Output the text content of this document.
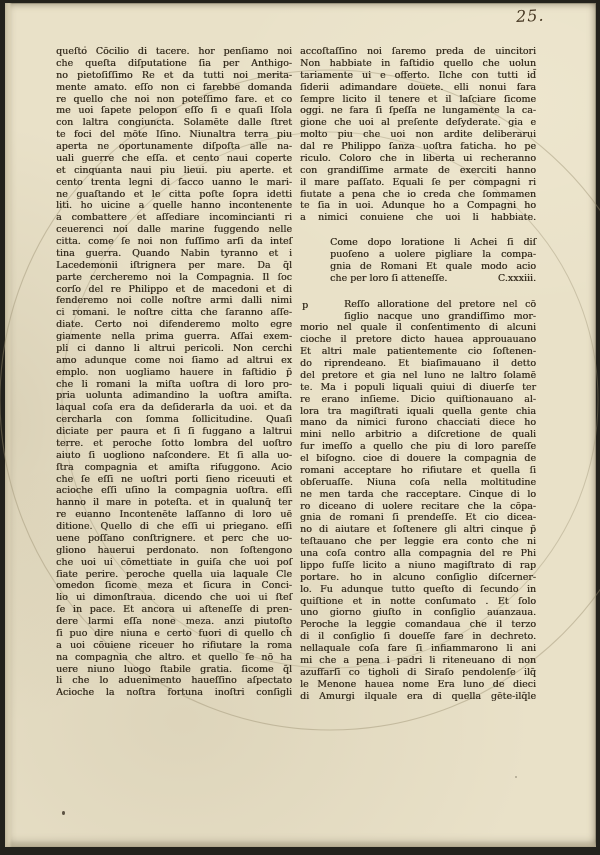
25.
queſto Cōcilio di tacere. hor penſiamo noi
che queſta diſputatione ſia per Anthigo-
no pietoſiſſimo Re et da tutti noi merita-
mente amato. eſſo non ci farebbe domanda
re quello che noi non poteſſimo fare. et co
me uoi ſapete pelopon eſſo ſi e quaſi Iſola
con laltra congiuncta. Solamēte dalle ſtret
te foci del mōte Iſino. Niunaltra terra piu
aperta ne oportunamente diſpoſta alle na-
uali guerre che eſſa. et cento naui coperte
et cinquanta naui piu lieui. piu aperte. et
cento trenta legni di ſacco uanno le mari-
ne guaſtando et le citta poſte ſopra idetti
liti. ho uicine a quelle hanno incontenente
a combattere et aſſediare incomincianti ri
ceuerenci noi dalle marine fuggendo nelle
citta. come ſe noi non fuſſimo arſi da inteſ
tina guerra. Quando Nabin tyranno et i
Lacedemonii iſtrignera per mare. Da q̄l
parte cercheremo noi la Compagnia. Il ſoc
corſo del re Philippo et de macedoni et di
fenderemo noi colle noſtre armi dalli nimi
ci romani. le noſtre citta che ſaranno aſſe-
diate. Certo noi difenderemo molto egre
giamente nella prima guerra. Aſſai exem-
pli ci danno li altrui pericoli. Non cerchi
amo adunque come noi ſiamo ad altrui ex
emplo. non uogliamo hauere in faſtidio p̄
che li romani la miſta uoſtra di loro pro-
pria uolunta adimandino la uoſtra amiſta.
laqual coſa era da deſiderarla da uoi. et da
cercharla con ſomma ſollicitudine. Quaſi
diciate per paura et ſi ſi fuggano a laltrui
terre. et peroche ſotto lombra del uoſtro
aiuto ſi uogliono naſcondere. Et ſi alla uo-
ſtra compagnia et amiſta rifuggono. Acio
che ſe eſſi ne uoſtri porti ſieno riceuuti et
acioche eſſi uſino la compagnia uoſtra. eſſi
hanno il mare in poteſta. et in qualunq̄ ter
re euanno Incontenēte laſſanno di loro uē
ditione. Quello di che eſſi ui priegano. eſſi
uene poſſano conſtrignere. et perc che uo-
gliono hauerui perdonato. non ſoſtengono
che uoi ui cōmettiate in guiſa che uoi poſ
ſiate perire. peroche quella uia laquale Cle
omedon ſicome meza et ſicura in Conci-
lio ui dimonſtraua. dicendo che uoi ui ſteſ
ſe in pace. Et ancora ui aſteneſſe di pren-
dere larmi eſſa none meza. anzi piutoſto
ſi puo dire niuna e certo fuori di quello ch̄
a uoi cōuiene riceuer ho rifiutare la roma
na compagnia che altro. et quello ſe nō ha
uere niuno luogo ſtabile gratia. ſicome q̄l
li che lo aduenimento haueſſino aſpectato
Acioche la noſtra fortuna inoſtri conſigli
accoſtaſſino noi ſaremo preda de uincitori
Non habbiate in faſtidio quello che uolun
tariamente ui e offerto. Ilche con tutti id̄
ſiderii adimandare douete. elli nonui fara
ſempre licito il tenere et il laſciare ſicome
oggi. ne fara ſi ſpeſſa ne lungamente la ca-
gione che uoi al preſente deſyderate. gia e
molto piu che uoi non ardite deliberarui
dal re Philippo ſanza uoſtra faticha. ho pe
riculo. Coloro che in liberta ui recheranno
con grandiſſime armate de exerciti hanno
il mare paſſato. Equali ſe per compagni ri
fiutate a pena che io creda che ſommamen
te ſia in uoi. Adunque ho a Compagni ho
a nimici conuiene che uoi li habbiate.
Come dopo loratione li Achei ſi diſ
puoſeno a uolere pigliare la compa-
gnia de Romani Et quale modo acio
che per loro ſi atteneſſe.	C.xxxiii.
p	Reſſo alloratione del pretore nel cō
ſiglio nacque uno grandiſſimo mor-
morio nel quale il conſentimento di alcuni
cioche il pretore dicto hauea approuauano
Et altri male patientemente cio ſoſtenen-
do riprendeano. Et biaſimauano il detto
del pretore et gia nel luno ne laltro ſolamē
te. Ma i populi liquali quiui di diuerſe ter
re erano inſieme. Dicio quiſtionauano al-
lora tra magiſtrati iquali quella gente chia
mano da nimici furono chacciati diece ho
mini nello arbitrio a diſcretione de quali
fur imeſſo a quello che piu di loro pareſſe
el biſogno. cioe di douere la compagnia de
romani acceptare ho rifiutare et quella ſi
obſeruaſſe. Niuna coſa nella moltitudine
ne men tarda che racceptare. Cinque di lo
ro diceano di uolere recitare che la cōpa-
gnia de romani ſi prendeſſe. Et cio dicea-
no di aiutare et ſoſtenere gli altri cinque p̄
teſtauano che per leggie era conto che ni
una coſa contro alla compagnia del re Phi
lippo fuſſe licito a niuno magiſtrato di rap
portare. ho in alcuno conſiglio diſcerner-
lo. Fu adunque tutto queſto di ſecundo in
quiſtione et in notte conſumato . Et ſolo
uno giorno giuſto in conſiglio auanzaua.
Peroche la leggie comandaua che il terzo
di il conſiglio ſi doueſſe fare in dechreto.
nellaquale coſa fare ſi infiammarono li ani
mi che a pena i padri li riteneuano di non
azuffarſi co tigholi di Siraſo pendolenſe ilq̄
le Menone hauea nome Era luno de dieci
di Amurgi ilquale era di quella gēte-ilq̄le
